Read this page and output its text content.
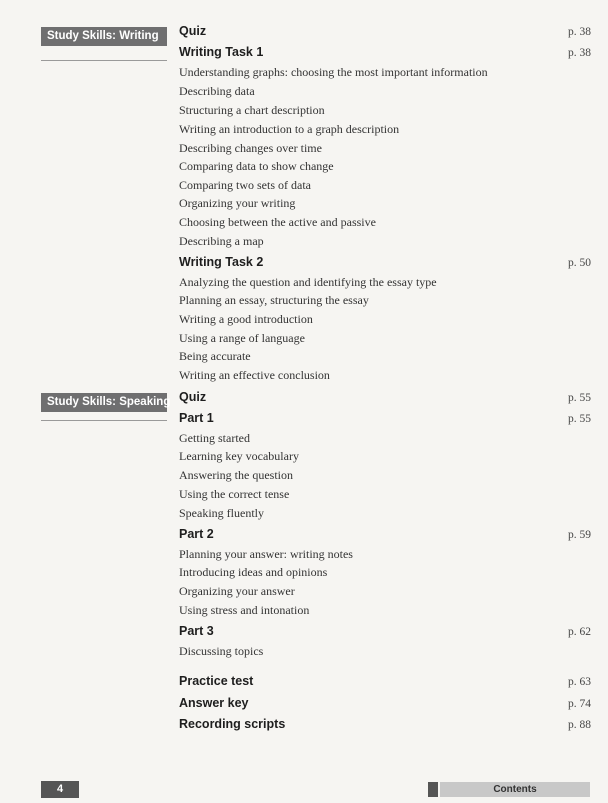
Study Skills: Writing
Study Skills: Speaking
Quiz	p. 38
Writing Task 1	p. 38
Understanding graphs: choosing the most important information
Describing data
Structuring a chart description
Writing an introduction to a graph description
Describing changes over time
Comparing data to show change
Comparing two sets of data
Organizing your writing
Choosing between the active and passive
Describing a map
Writing Task 2	p. 50
Analyzing the question and identifying the essay type
Planning an essay, structuring the essay
Writing a good introduction
Using a range of language
Being accurate
Writing an effective conclusion
Quiz	p. 55
Part 1	p. 55
Getting started
Learning key vocabulary
Answering the question
Using the correct tense
Speaking fluently
Part 2	p. 59
Planning your answer: writing notes
Introducing ideas and opinions
Organizing your answer
Using stress and intonation
Part 3	p. 62
Discussing topics
Practice test	p. 63
Answer key	p. 74
Recording scripts	p. 88
4	Contents
